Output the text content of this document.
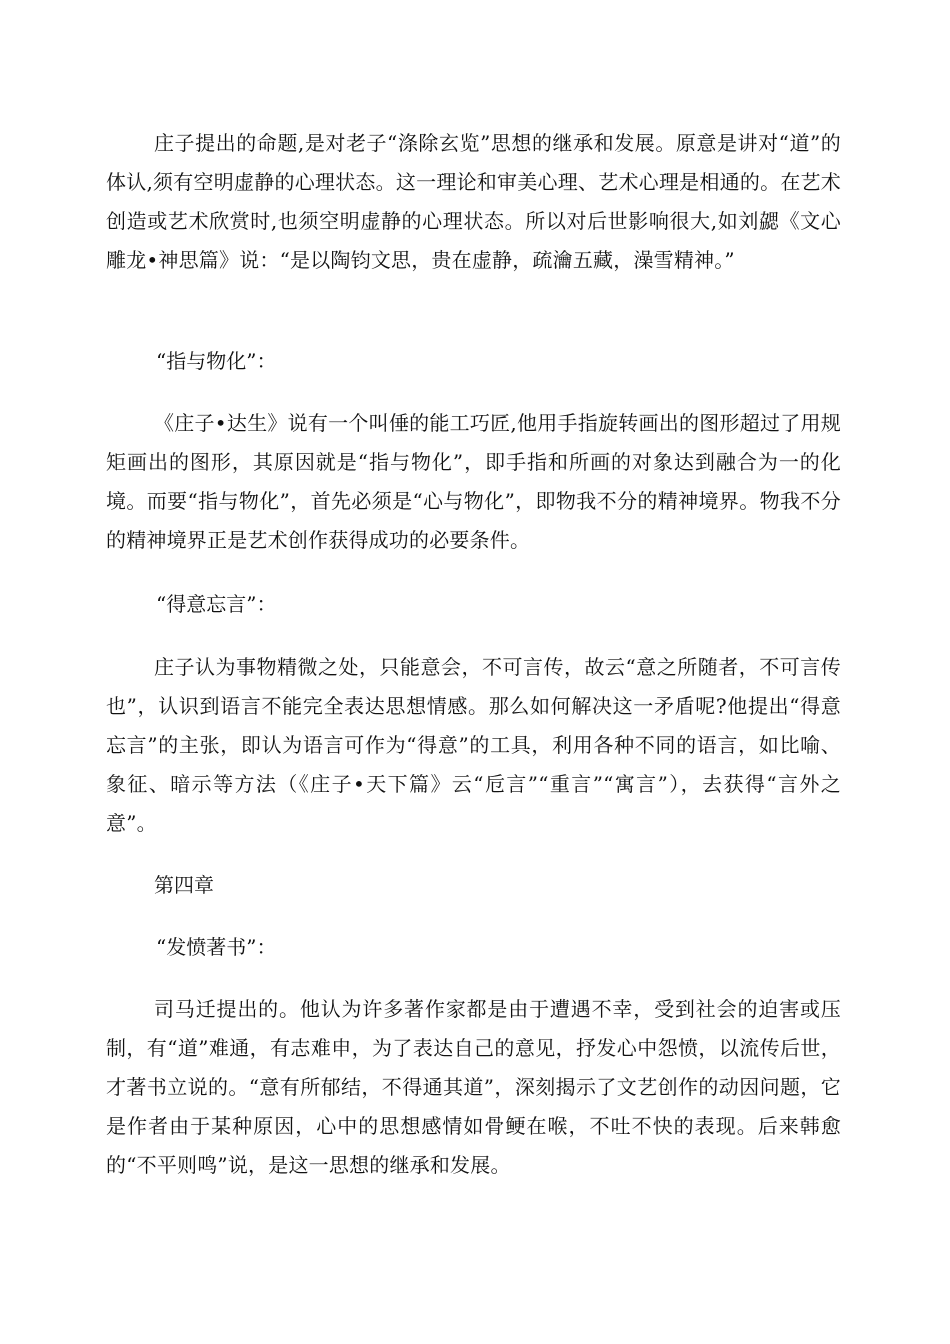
庄子提出的命题,是对老子“涤除玄览”思想的继承和发展。原意是讲对“道”的体认,须有空明虚静的心理状态。这一理论和审美心理、艺术心理是相通的。在艺术创造或艺术欣赏时,也须空明虚静的心理状态。所以对后世影响很大,如刘勰《文心雕龙•神思篇》说：“是以陶钧文思，贵在虚静，疏瀹五藏，澡雪精神。”

“指与物化”：

《庄子•达生》说有一个叫倕的能工巧匠,他用手指旋转画出的图形超过了用规矩画出的图形，其原因就是“指与物化”，即手指和所画的对象达到融合为一的化境。而要“指与物化”，首先必须是“心与物化”，即物我不分的精神境界。物我不分的精神境界正是艺术创作获得成功的必要条件。

“得意忘言”：

庄子认为事物精微之处，只能意会，不可言传，故云“意之所随者，不可言传也”，认识到语言不能完全表达思想情感。那么如何解决这一矛盾呢?他提出“得意忘言”的主张，即认为语言可作为“得意”的工具，利用各种不同的语言，如比喻、象征、暗示等方法（《庄子•天下篇》云“卮言”“重言”“寓言”），去获得“言外之意”。

第四章

“发愤著书”：

司马迁提出的。他认为许多著作家都是由于遭遇不幸，受到社会的迫害或压制，有“道”难通，有志难申，为了表达自己的意见，抒发心中怨愤，以流传后世，才著书立说的。“意有所郁结，不得通其道”，深刻揭示了文艺创作的动因问题，它是作者由于某种原因，心中的思想感情如骨鲠在喉，不吐不快的表现。后来韩愈的“不平则鸣”说，是这一思想的继承和发展。
